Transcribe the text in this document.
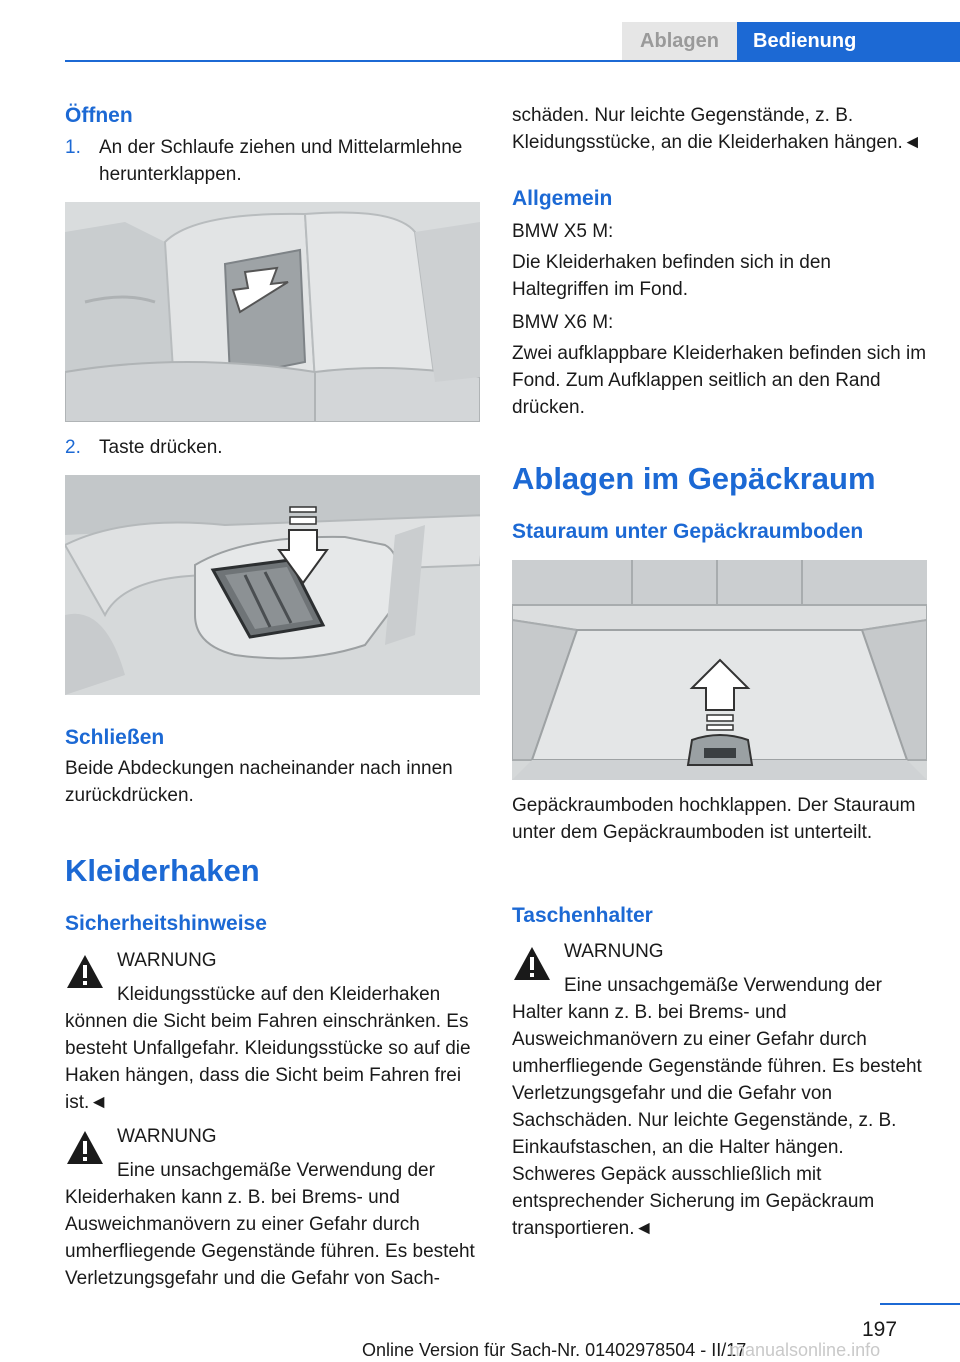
Ablagen	Bedienung
Öffnen
1. An der Schlaufe ziehen und Mittelarmlehne herunterklappen.
2. Taste drücken.
Schließen
Beide Abdeckungen nacheinander nach innen zurückdrücken.
Kleiderhaken
Sicherheitshinweise
WARNUNG
Kleidungsstücke auf den Kleiderhaken können die Sicht beim Fahren einschränken. Es besteht Unfallgefahr. Kleidungsstücke so auf die Haken hängen, dass die Sicht beim Fahren frei ist.◄
WARNUNG
Eine unsachgemäße Verwendung der Kleiderhaken kann z. B. bei Brems- und Ausweichmanövern zu einer Gefahr durch umherfliegende Gegenstände führen. Es besteht Verletzungsgefahr und die Gefahr von Sach-
schäden. Nur leichte Gegenstände, z. B. Kleidungsstücke, an die Kleiderhaken hängen.◄
Allgemein
BMW X5 M:
Die Kleiderhaken befinden sich in den Haltegriffen im Fond.
BMW X6 M:
Zwei aufklappbare Kleiderhaken befinden sich im Fond. Zum Aufklappen seitlich an den Rand drücken.
Ablagen im Gepäckraum
Stauraum unter Gepäckraumboden
Gepäckraumboden hochklappen. Der Stauraum unter dem Gepäckraumboden ist unterteilt.
Taschenhalter
WARNUNG
Eine unsachgemäße Verwendung der Halter kann z. B. bei Brems- und Ausweichmanövern zu einer Gefahr durch umherfliegende Gegenstände führen. Es besteht Verletzungsgefahr und die Gefahr von Sachschäden. Nur leichte Gegenstände, z. B. Einkaufstaschen, an die Halter hängen. Schweres Gepäck ausschließlich mit entsprechender Sicherung im Gepäckraum transportieren.◄
197
Online Version für Sach-Nr. 01402978504 - II/17
manualsonline.info
